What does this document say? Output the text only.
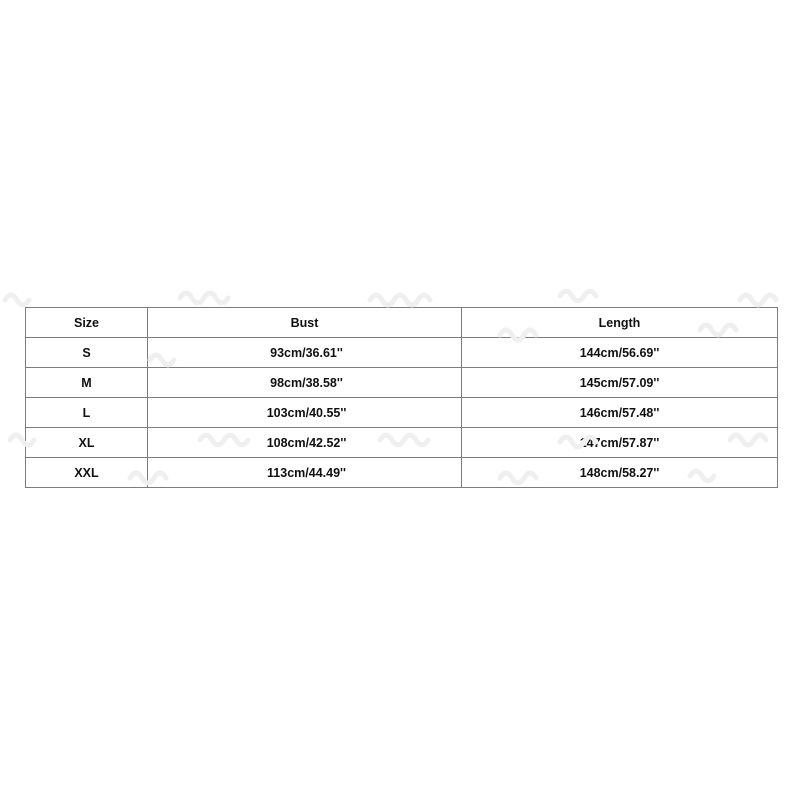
Size	Bust	Length
S	93cm/36.61''	144cm/56.69''
M	98cm/38.58''	145cm/57.09''
L	103cm/40.55''	146cm/57.48''
XL	108cm/42.52''	147cm/57.87''
XXL	113cm/44.49''	148cm/58.27''
